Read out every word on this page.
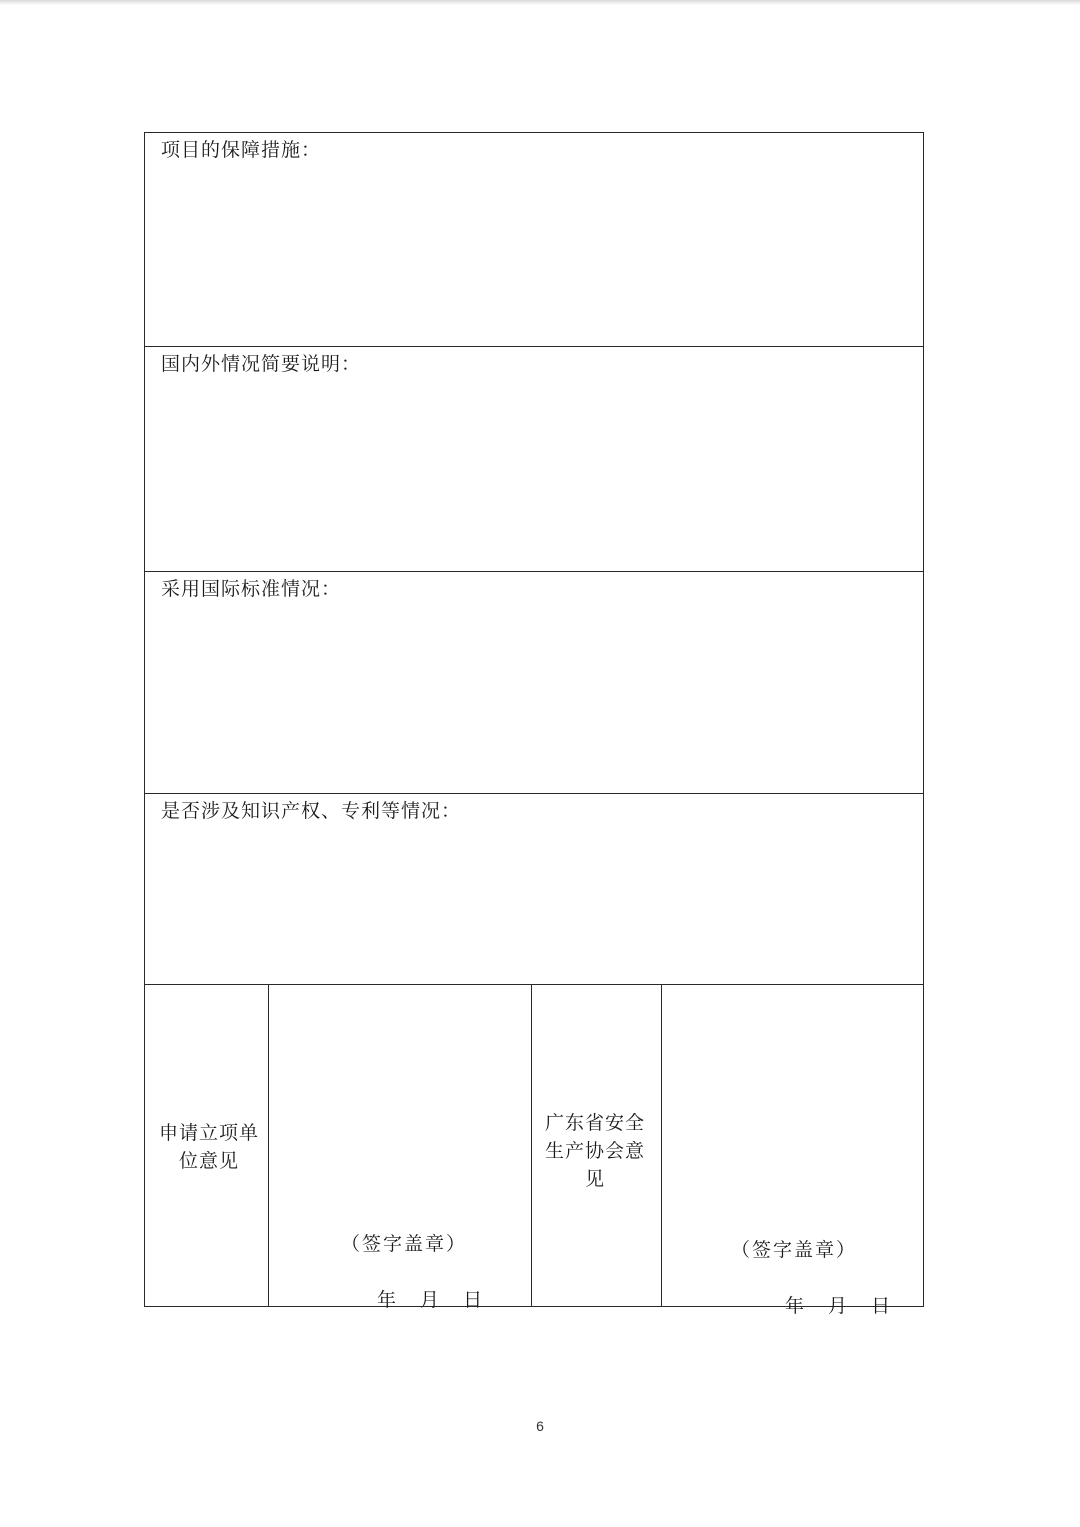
项目的保障措施：
国内外情况简要说明：
采用国际标准情况：
是否涉及知识产权、专利等情况：
申请立项单位意见
（签字盖章）
年 月 日
广东省安全生产协会意见
（签字盖章）
年 月 日
6
